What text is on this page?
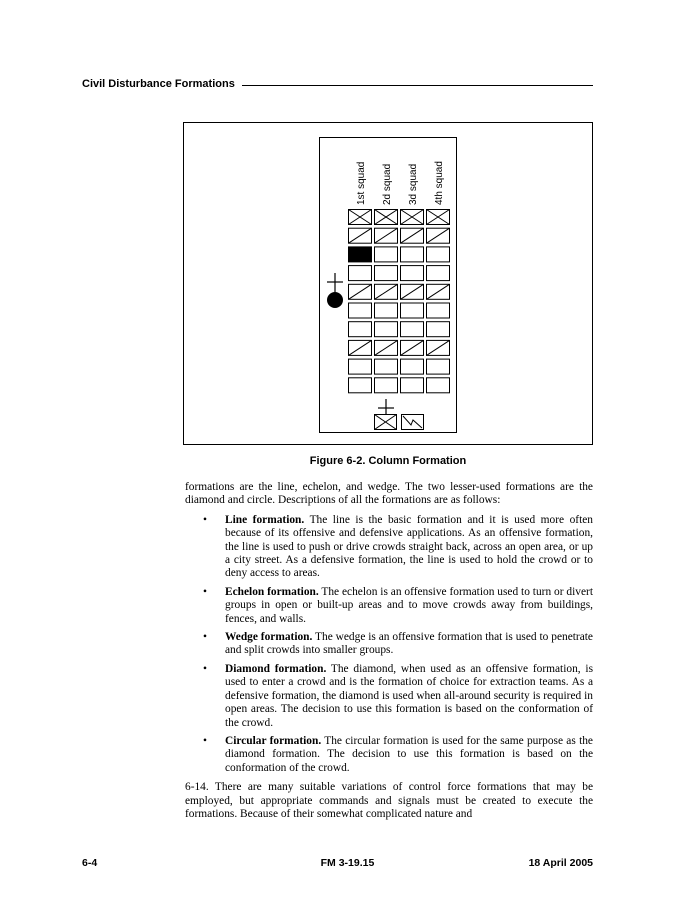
Civil Disturbance Formations
1st squad 2d squad 3d squad 4th squad
Figure 6-2. Column Formation

formations are the line, echelon, and wedge. The two lesser-used formations are the diamond and circle. Descriptions of all the formations are as follows:

• Line formation. The line is the basic formation and it is used more often because of its offensive and defensive applications. As an offensive formation, the line is used to push or drive crowds straight back, across an open area, or up a city street. As a defensive formation, the line is used to hold the crowd or to deny access to areas.
• Echelon formation. The echelon is an offensive formation used to turn or divert groups in open or built-up areas and to move crowds away from buildings, fences, and walls.
• Wedge formation. The wedge is an offensive formation that is used to penetrate and split crowds into smaller groups.
• Diamond formation. The diamond, when used as an offensive formation, is used to enter a crowd and is the formation of choice for extraction teams. As a defensive formation, the diamond is used when all-around security is required in open areas. The decision to use this formation is based on the conformation of the crowd.
• Circular formation. The circular formation is used for the same purpose as the diamond formation. The decision to use this formation is based on the conformation of the crowd.

6-14. There are many suitable variations of control force formations that may be employed, but appropriate commands and signals must be created to execute the formations. Because of their somewhat complicated nature and

6-4	FM 3-19.15	18 April 2005
